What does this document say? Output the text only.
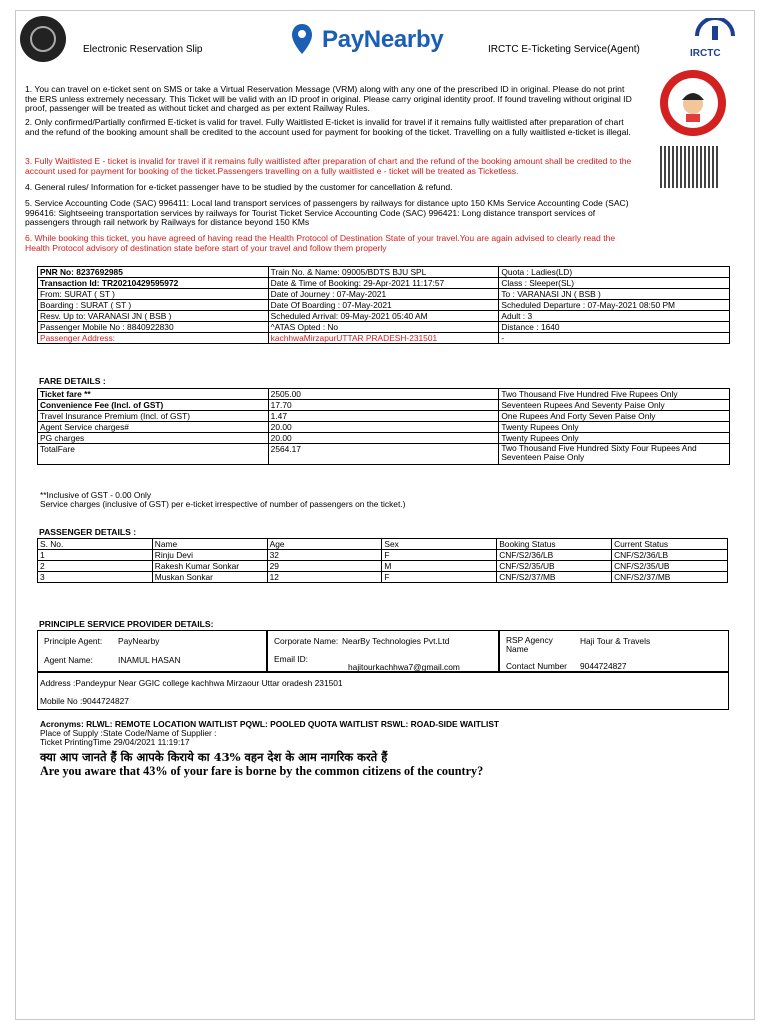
Electronic Reservation Slip	PayNearby	IRCTC E-Ticketing Service(Agent)	IRCTC
1. You can travel on e-ticket sent on SMS or take a Virtual Reservation Message (VRM) along with any one of the prescribed ID in original. Please do not print the ERS unless extremely necessary. This Ticket will be valid with an ID proof in original. Please carry original identity proof. If found traveling without original ID proof, passenger will be treated as without ticket and charged as per extent Railway Rules.
2. Only confirmed/Partially confirmed E-ticket is valid for travel. Fully Waitlisted E-ticket is invalid for travel if it remains fully waitlisted after preparation of chart and the refund of the booking amount shall be credited to the account used for payment for booking of the ticket. Travelling on a fully waitlisted e-ticket is illegal.
3. Fully Waitlisted E - ticket is invalid for travel if it remains fully waitlisted after preparation of chart and the refund of the booking amount shall be credited to the account used for payment for booking of the ticket.Passengers travelling on a fully waitlisted e - ticket will be treated as Ticketless.
4. General rules/ Information for e-ticket passenger have to be studied by the customer for cancellation & refund.
5. Service Accounting Code (SAC) 996411: Local land transport services of passengers by railways for distance upto 150 KMs Service Accounting Code (SAC) 996416: Sightseeing transportation services by railways for Tourist Ticket Service Accounting Code (SAC) 996421: Long distance transport services of passengers through rail network by Railways for distance beyond 150 KMs
6. While booking this ticket, you have agreed of having read the Health Protocol of Destination State of your travel.You are again advised to clearly read the Health Protocol advisory of destination state before start of your travel and follow them properly
PNR No: 8237692985	Train No. & Name: 09005/BDTS BJU SPL	Quota : Ladies(LD)
Transaction Id: TR20210429595972	Date & Time of Booking: 29-Apr-2021 11:17:57	Class : Sleeper(SL)
From: SURAT ( ST )	Date of Journey : 07-May-2021	To : VARANASI JN ( BSB )
Boarding : SURAT ( ST )	Date Of Boarding : 07-May-2021	Scheduled Departure : 07-May-2021 08:50 PM
Resv. Up to: VARANASI JN ( BSB )	Scheduled Arrival: 09-May-2021 05:40 AM	Adult : 3
Passenger Mobile No : 8840922830	^ATAS Opted : No	Distance : 1640
Passenger Address:	kachhwaMirzapurUTTAR PRADESH-231501	-
FARE DETAILS :
Ticket fare **	2505.00	Two Thousand Five Hundred Five Rupees Only
Convenience Fee (Incl. of GST)	17.70	Seventeen Rupees And Seventy Paise Only
Travel Insurance Premium (Incl. of GST)	1.47	One Rupees And Forty Seven Paise Only
Agent Service charges#	20.00	Twenty Rupees Only
PG charges	20.00	Twenty Rupees Only
TotalFare	2564.17	Two Thousand Five Hundred Sixty Four Rupees And Seventeen Paise Only
**Inclusive of GST - 0.00 Only
Service charges (inclusive of GST) per e-ticket irrespective of number of passengers on the ticket.)
PASSENGER DETAILS :
S. No.	Name	Age	Sex	Booking Status	Current Status
1	Rinju Devi	32	F	CNF/S2/36/LB	CNF/S2/36/LB
2	Rakesh Kumar Sonkar	29	M	CNF/S2/35/UB	CNF/S2/35/UB
3	Muskan Sonkar	12	F	CNF/S2/37/MB	CNF/S2/37/MB
PRINCIPLE SERVICE PROVIDER DETAILS:
Principle Agent: PayNearby
Agent Name:	INAMUL HASAN
Corporate Name: NearBy Technologies Pvt.Ltd
Email ID:
hajitourkachhwa7@gmail.com
RSP Agency Name
Haji Tour & Travels
Contact Number 9044724827
Address :Pandeypur Near GGIC college kachhwa Mirzaour Uttar oradesh 231501
Mobile No :9044724827
Acronyms: RLWL: REMOTE LOCATION WAITLIST PQWL: POOLED QUOTA WAITLIST RSWL: ROAD-SIDE WAITLIST
Place of Supply :State Code/Name of Supplier :
Ticket PrintingTime 29/04/2021 11:19:17
क्या आप जानते हैं कि आपके किराये का 43% वहन देश के आम नागरिक करते हैं
Are you aware that 43% of your fare is borne by the common citizens of the country?
